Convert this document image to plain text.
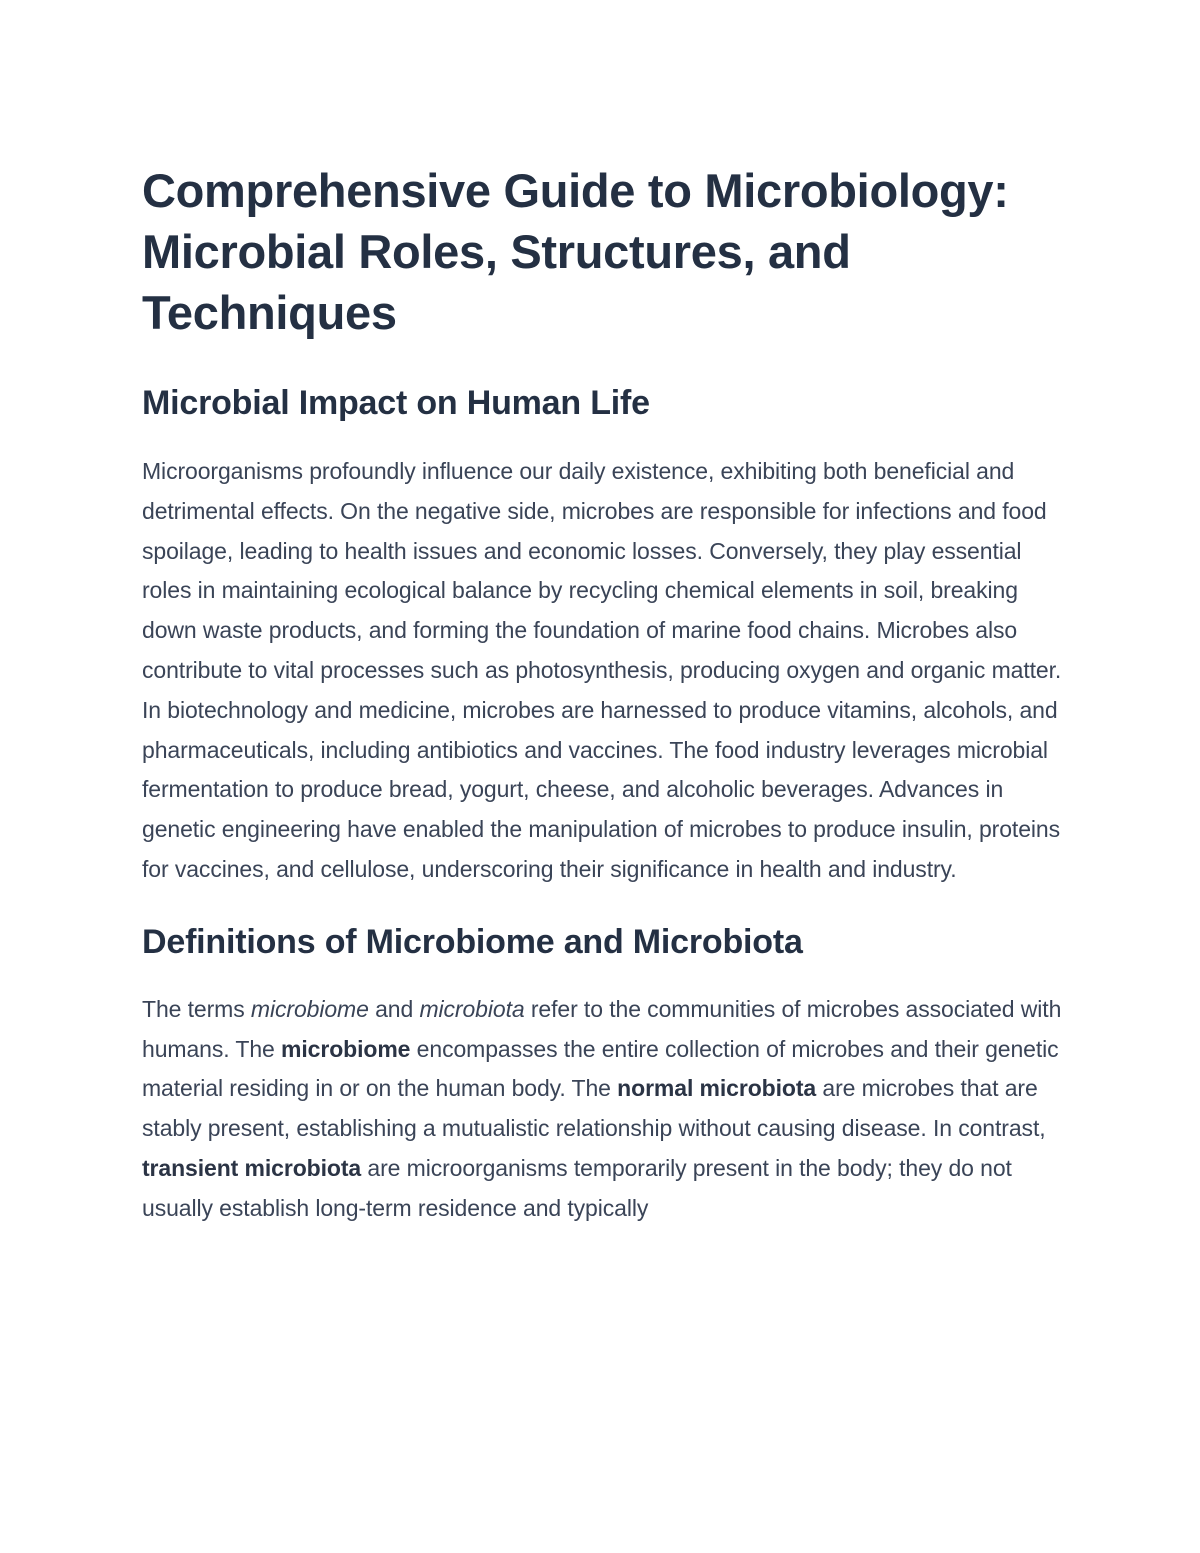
Comprehensive Guide to Microbiology: Microbial Roles, Structures, and Techniques
Microbial Impact on Human Life

Microorganisms profoundly influence our daily existence, exhibiting both beneficial and detrimental effects. On the negative side, microbes are responsible for infections and food spoilage, leading to health issues and economic losses. Conversely, they play essential roles in maintaining ecological balance by recycling chemical elements in soil, breaking down waste products, and forming the foundation of marine food chains. Microbes also contribute to vital processes such as photosynthesis, producing oxygen and organic matter. In biotechnology and medicine, microbes are harnessed to produce vitamins, alcohols, and pharmaceuticals, including antibiotics and vaccines. The food industry leverages microbial fermentation to produce bread, yogurt, cheese, and alcoholic beverages. Advances in genetic engineering have enabled the manipulation of microbes to produce insulin, proteins for vaccines, and cellulose, underscoring their significance in health and industry.

Definitions of Microbiome and Microbiota

The terms microbiome and microbiota refer to the communities of microbes associated with humans. The microbiome encompasses the entire collection of microbes and their genetic material residing in or on the human body. The normal microbiota are microbes that are stably present, establishing a mutualistic relationship without causing disease. In contrast, transient microbiota are microorganisms temporarily present in the body; they do not usually establish long-term residence and typically
